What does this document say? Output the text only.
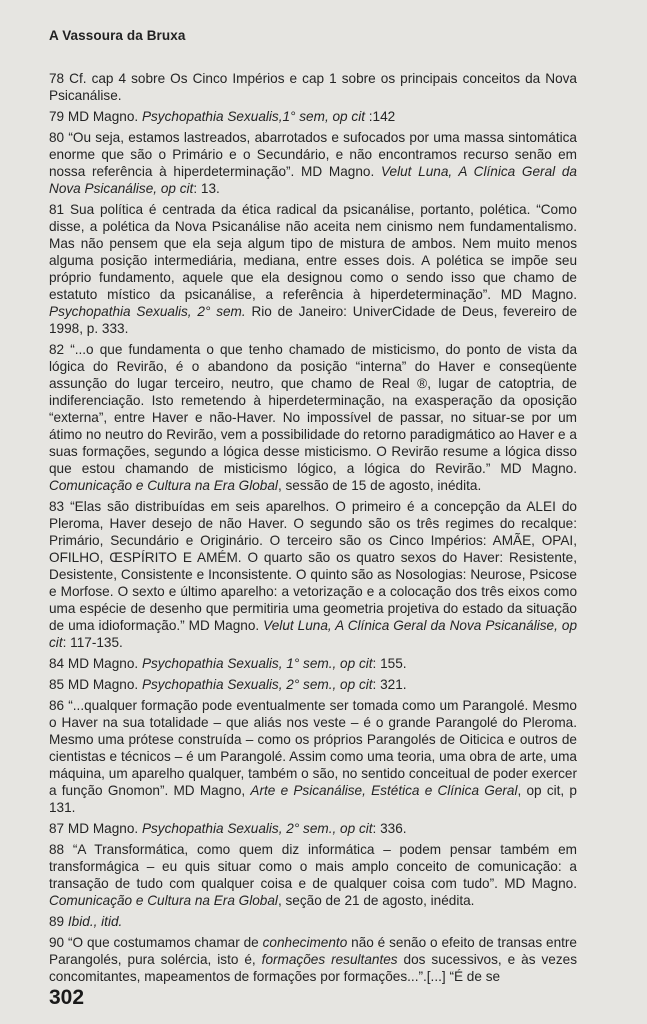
A Vassoura da Bruxa

78 Cf. cap 4 sobre Os Cinco Impérios e cap 1 sobre os principais conceitos da Nova Psicanálise.

79 MD Magno. Psychopathia Sexualis,1° sem, op cit :142

80 “Ou seja, estamos lastreados, abarrotados e sufocados por uma massa sintomática enorme que são o Primário e o Secundário, e não encontramos recurso senão em nossa referência à hiperdeterminação”. MD Magno. Velut Luna, A Clínica Geral da Nova Psicanálise, op cit: 13.

81 Sua política é centrada da ética radical da psicanálise, portanto, polética. “Como disse, a polética da Nova Psicanálise não aceita nem cinismo nem fundamentalismo. Mas não pensem que ela seja algum tipo de mistura de ambos. Nem muito menos alguma posição intermediária, mediana, entre esses dois. A polética se impõe seu próprio fundamento, aquele que ela designou como o sendo isso que chamo de estatuto místico da psicanálise, a referência à hiperdeterminação”. MD Magno. Psychopathia Sexualis, 2° sem. Rio de Janeiro: UniverCidade de Deus, fevereiro de 1998, p. 333.

82 “...o que fundamenta o que tenho chamado de misticismo, do ponto de vista da lógica do Revirão, é o abandono da posição “interna” do Haver e conseqüente assunção do lugar terceiro, neutro, que chamo de Real ®, lugar de catoptria, de indiferenciação. Isto remetendo à hiperdeterminação, na exasperação da oposição “externa”, entre Haver e não-Haver. No impossível de passar, no situar-se por um átimo no neutro do Revirão, vem a possibilidade do retorno paradigmático ao Haver e a suas formações, segundo a lógica desse misticismo. O Revirão resume a lógica disso que estou chamando de misticismo lógico, a lógica do Revirão.” MD Magno. Comunicação e Cultura na Era Global, sessão de 15 de agosto, inédita.

83 “Elas são distribuídas em seis aparelhos. O primeiro é a concepção da ALEI do Pleroma, Haver desejo de não Haver. O segundo são os três regimes do recalque: Primário, Secundário e Originário. O terceiro são os Cinco Impérios: AMÃE, OPAI, OFILHO, ŒSPÍRITO E AMÉM. O quarto são os quatro sexos do Haver: Resistente, Desistente, Consistente e Inconsistente. O quinto são as Nosologias: Neurose, Psicose e Morfose. O sexto e último aparelho: a vetorização e a colocação dos três eixos como uma espécie de desenho que permitiria uma geometria projetiva do estado da situação de uma idioformação.” MD Magno. Velut Luna, A Clínica Geral da Nova Psicanálise, op cit: 117-135.

84 MD Magno. Psychopathia Sexualis, 1° sem., op cit: 155.

85 MD Magno. Psychopathia Sexualis, 2° sem., op cit: 321.

86 “...qualquer formação pode eventualmente ser tomada como um Parangolé. Mesmo o Haver na sua totalidade – que aliás nos veste – é o grande Parangolé do Pleroma. Mesmo uma prótese construída – como os próprios Parangolés de Oiticica e outros de cientistas e técnicos – é um Parangolé. Assim como uma teoria, uma obra de arte, uma máquina, um aparelho qualquer, também o são, no sentido conceitual de poder exercer a função Gnomon”. MD Magno, Arte e Psicanálise, Estética e Clínica Geral, op cit, p 131.

87 MD Magno. Psychopathia Sexualis, 2° sem., op cit: 336.

88 “A Transformática, como quem diz informática – podem pensar também em transformágica – eu quis situar como o mais amplo conceito de comunicação: a transação de tudo com qualquer coisa e de qualquer coisa com tudo”. MD Magno. Comunicação e Cultura na Era Global, seção de 21 de agosto, inédita.

89 Ibid., itid.

90 “O que costumamos chamar de conhecimento não é senão o efeito de transas entre Parangolés, pura solércia, isto é, formações resultantes dos sucessivos, e às vezes concomitantes, mapeamentos de formações por formações...”.[...] “É de se

302
